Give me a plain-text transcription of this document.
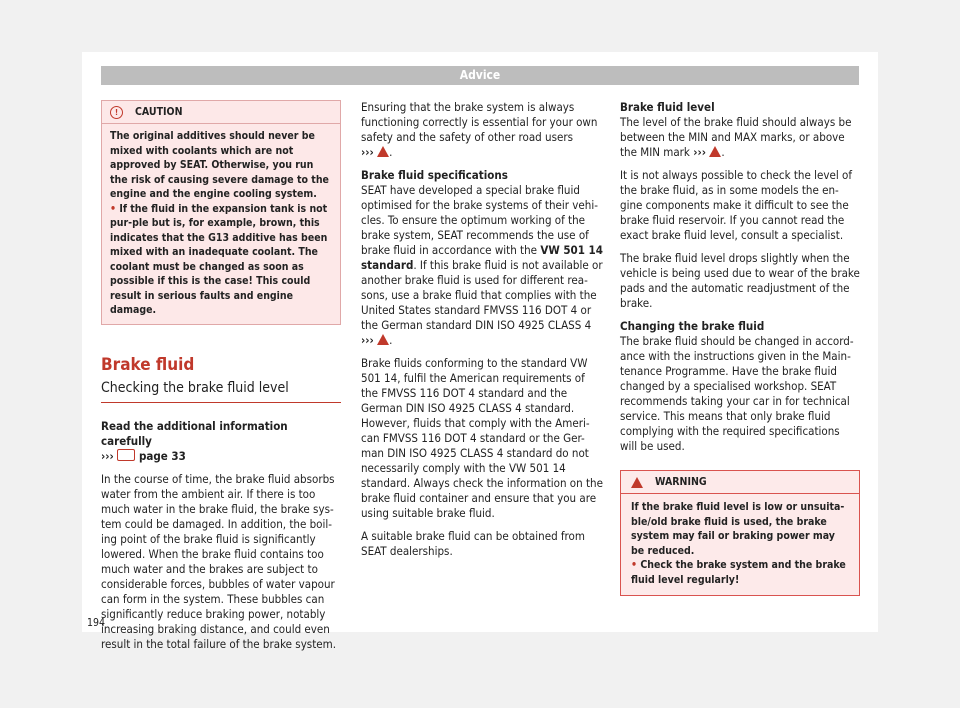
Advice
!	CAUTION

The original additives should never be mixed with coolants which are not approved by SEAT. Otherwise, you run the risk of causing severe damage to the engine and the engine cooling system.

• If the fluid in the expansion tank is not pur-ple but is, for example, brown, this indicates that the G13 additive has been mixed with an inadequate coolant. The coolant must be changed as soon as possible if this is the case! This could result in serious faults and engine damage.

Brake fluid
Checking the brake fluid level

Read the additional information carefully
››› page 33

In the course of time, the brake fluid absorbs water from the ambient air. If there is too much water in the brake fluid, the brake sys-tem could be damaged. In addition, the boil-ing point of the brake fluid is significantly lowered. When the brake fluid contains too much water and the brakes are subject to considerable forces, bubbles of water vapour can form in the system. These bubbles can significantly reduce braking power, notably increasing braking distance, and could even result in the total failure of the brake system.

Ensuring that the brake system is always functioning correctly is essential for your own safety and the safety of other road users
››› .

Brake fluid specifications
SEAT have developed a special brake fluid optimised for the brake systems of their vehi-cles. To ensure the optimum working of the brake system, SEAT recommends the use of brake fluid in accordance with the VW 501 14 standard. If this brake fluid is not available or another brake fluid is used for different rea-sons, use a brake fluid that complies with the United States standard FMVSS 116 DOT 4 or the German standard DIN ISO 4925 CLASS 4
››› .

Brake fluids conforming to the standard VW 501 14, fulfil the American requirements of the FMVSS 116 DOT 4 standard and the German DIN ISO 4925 CLASS 4 standard. However, fluids that comply with the Ameri-can FMVSS 116 DOT 4 standard or the Ger-man DIN ISO 4925 CLASS 4 standard do not necessarily comply with the VW 501 14 standard. Always check the information on the brake fluid container and ensure that you are using suitable brake fluid.

A suitable brake fluid can be obtained from SEAT dealerships.

Brake fluid level
The level of the brake fluid should always be between the MIN and MAX marks, or above the MIN mark ››› .

It is not always possible to check the level of the brake fluid, as in some models the en-gine components make it difficult to see the brake fluid reservoir. If you cannot read the exact brake fluid level, consult a specialist.

The brake fluid level drops slightly when the vehicle is being used due to wear of the brake pads and the automatic readjustment of the brake.

Changing the brake fluid
The brake fluid should be changed in accord-ance with the instructions given in the Main-tenance Programme. Have the brake fluid changed by a specialised workshop. SEAT recommends taking your car in for technical service. This means that only brake fluid complying with the required specifications will be used.

WARNING

If the brake fluid level is low or unsuita-ble/old brake fluid is used, the brake system may fail or braking power may be reduced.

• Check the brake system and the brake fluid level regularly!

194
